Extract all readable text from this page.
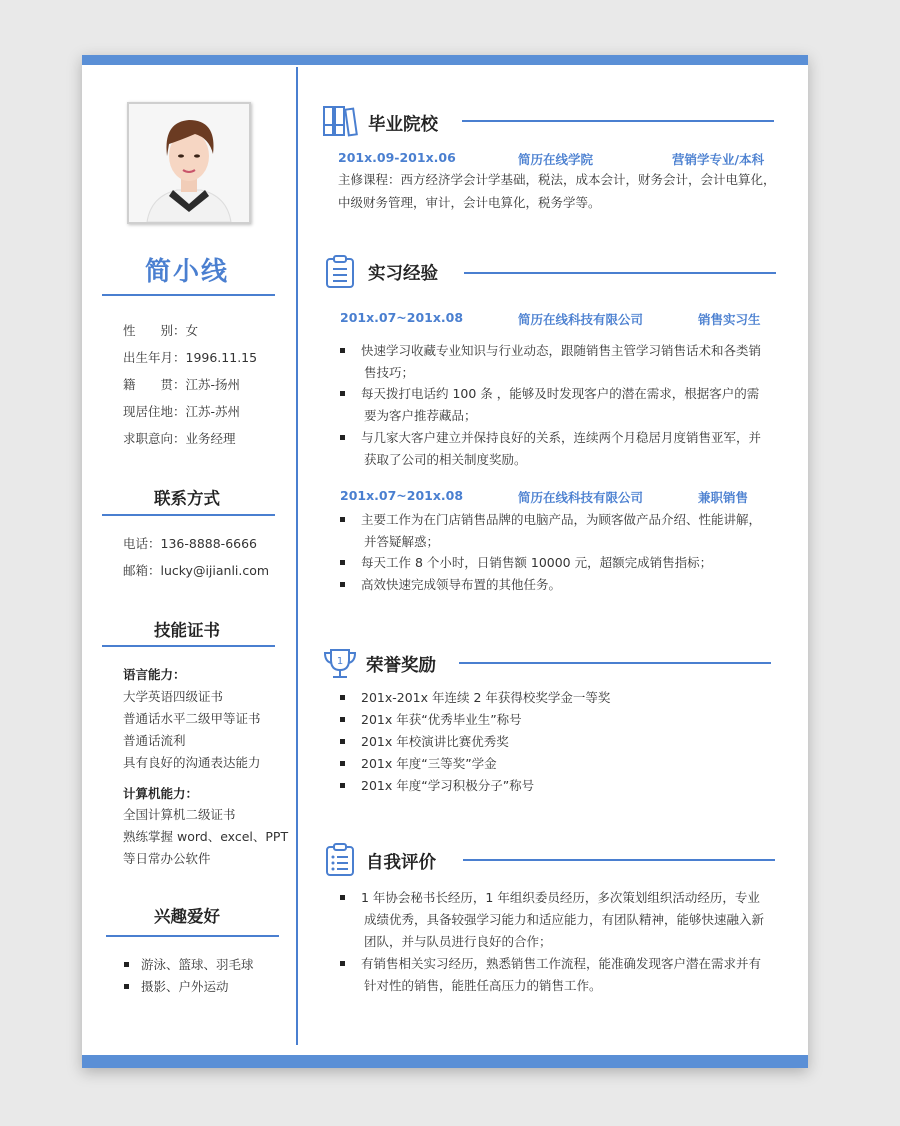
简小线
性　　别：女
出生年月：1996.11.15
籍　　贯：江苏-扬州
现居住地：江苏-苏州
求职意向：业务经理
联系方式
电话：136-8888-6666
邮箱：lucky@ijianli.com
技能证书
语言能力：
大学英语四级证书
普通话水平二级甲等证书
普通话流利
具有良好的沟通表达能力
计算机能力：
全国计算机二级证书
熟练掌握 word、excel、PPT
等日常办公软件
兴趣爱好
游泳、篮球、羽毛球
摄影、户外运动
毕业院校
201x.09-201x.06	简历在线学院	营销学专业/本科
主修课程：西方经济学会计学基础，税法，成本会计，财务会计，会计电算化，
中级财务管理，审计，会计电算化，税务学等。
实习经验
201x.07~201x.08	简历在线科技有限公司	销售实习生
快速学习收藏专业知识与行业动态，跟随销售主管学习销售话术和各类销
售技巧；
每天拨打电话约 100 条 ，能够及时发现客户的潜在需求，根据客户的需
要为客户推荐藏品；
与几家大客户建立并保持良好的关系，连续两个月稳居月度销售亚军，并
获取了公司的相关制度奖励。
201x.07~201x.08	简历在线科技有限公司	兼职销售
主要工作为在门店销售品牌的电脑产品，为顾客做产品介绍、性能讲解，
并答疑解惑；
每天工作 8 个小时，日销售额 10000 元，超额完成销售指标；
高效快速完成领导布置的其他任务。
1 荣誉奖励
201x-201x 年连续 2 年获得校奖学金一等奖
201x 年获“优秀毕业生”称号
201x 年校演讲比赛优秀奖
201x 年度“三等奖”学金
201x 年度“学习积极分子”称号
自我评价
1 年协会秘书长经历，1 年组织委员经历，多次策划组织活动经历，专业
成绩优秀，具备较强学习能力和适应能力，有团队精神，能够快速融入新
团队，并与队员进行良好的合作；
有销售相关实习经历，熟悉销售工作流程，能准确发现客户潜在需求并有
针对性的销售，能胜任高压力的销售工作。
